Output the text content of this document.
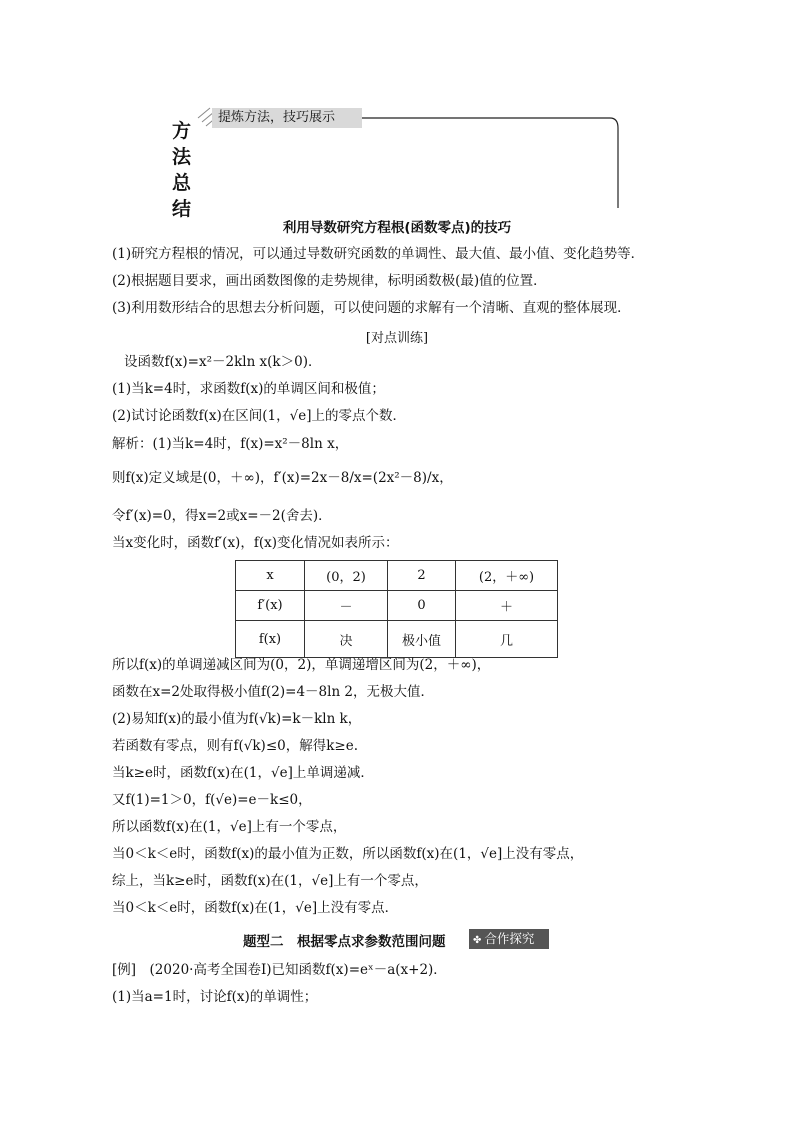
方
法
总
结
提炼方法，技巧展示
利用导数研究方程根(函数零点)的技巧
(1)研究方程根的情况，可以通过导数研究函数的单调性、最大值、最小值、变化趋势等．
(2)根据题目要求，画出函数图像的走势规律，标明函数极(最)值的位置．
(3)利用数形结合的思想去分析问题，可以使问题的求解有一个清晰、直观的整体展现．
[对点训练]
设函数f(x)=x²－2kln x(k＞0)．
(1)当k=4时，求函数f(x)的单调区间和极值；
(2)试讨论函数f(x)在区间(1，√e]上的零点个数．
解析：(1)当k=4时，f(x)=x²－8ln x，
则f(x)定义域是(0，＋∞)，f′(x)=2x－8/x=(2x²－8)/x，
令f′(x)=0，得x=2或x=－2(舍去)．
当x变化时，函数f′(x)，f(x)变化情况如表所示：
x	(0，2)	2	(2，＋∞)
f′(x)	－	0	＋
f(x)	决	极小值	几
所以f(x)的单调递减区间为(0，2)，单调递增区间为(2，＋∞)，
函数在x=2处取得极小值f(2)=4－8ln 2，无极大值．
(2)易知f(x)的最小值为f(√k)=k－kln k，
若函数有零点，则有f(√k)≤0，解得k≥e.
当k≥e时，函数f(x)在(1，√e]上单调递减．
又f(1)=1＞0，f(√e)=e－k≤0，
所以函数f(x)在(1，√e]上有一个零点，
当0＜k＜e时，函数f(x)的最小值为正数，所以函数f(x)在(1，√e]上没有零点，
综上，当k≥e时，函数f(x)在(1，√e]上有一个零点，
当0＜k＜e时，函数f(x)在(1，√e]上没有零点．
题型二　根据零点求参数范围问题	✤ 合作探究
[例]　(2020·高考全国卷Ⅰ)已知函数f(x)=eˣ－a(x+2)．
(1)当a=1时，讨论f(x)的单调性；
